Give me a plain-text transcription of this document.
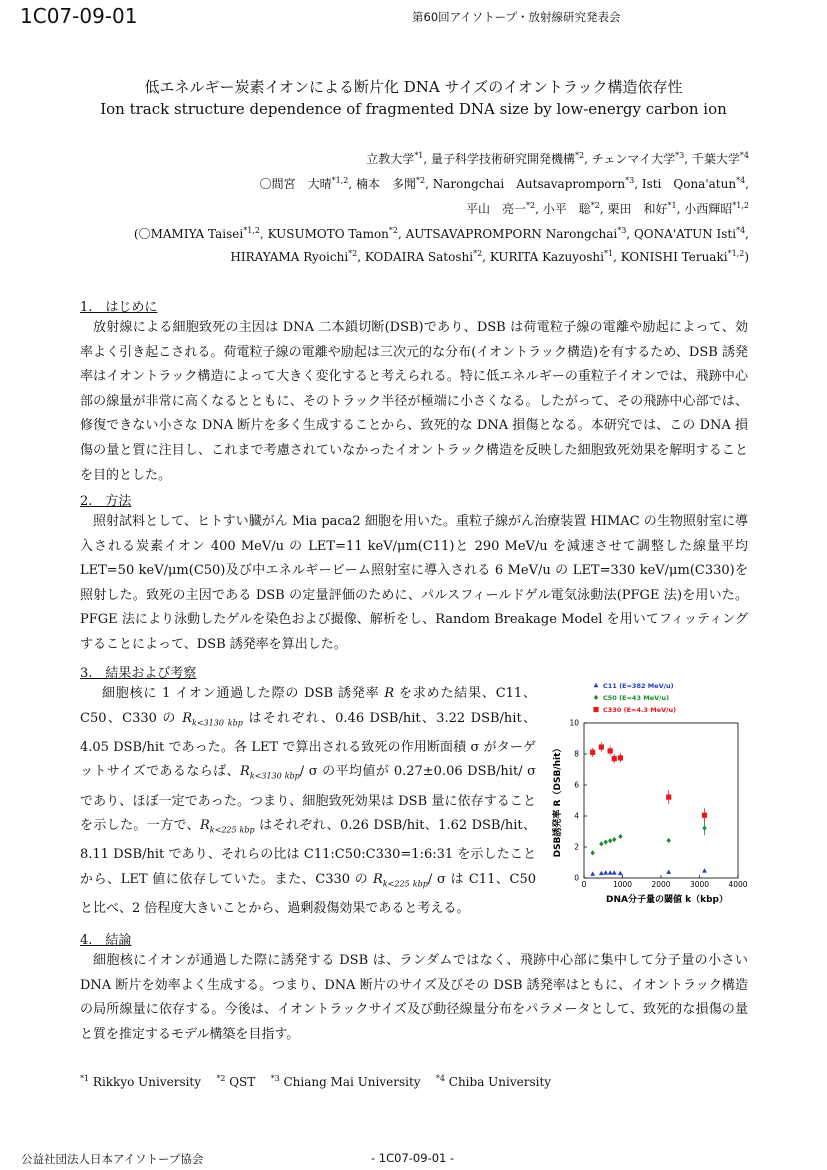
1C07-09-01	第60回アイソトープ・放射線研究発表会
低エネルギー炭素イオンによる断片化 DNA サイズのイオントラック構造依存性
Ion track structure dependence of fragmented DNA size by low-energy carbon ion
立教大学$^{*1}$, 量子科学技術研究開発機構$^{*2}$, チェンマイ大学$^{*3}$, 千葉大学$^{*4}$
〇間宮　大晴$^{*1,2}$, 楠本　多聞$^{*2}$, Narongchai　Autsavapromporn$^{*3}$, Isti　Qona'atun$^{*4}$,
平山　亮一$^{*2}$, 小平　聡$^{*2}$, 栗田　和好$^{*1}$, 小西輝昭$^{*1,2}$
(〇MAMIYA Taisei$^{*1,2}$, KUSUMOTO Tamon$^{*2}$, AUTSAVAPROMPORN Narongchai$^{*3}$, QONA'ATUN Isti$^{*4}$,
HIRAYAMA Ryoichi$^{*2}$, KODAIRA Satoshi$^{*2}$, KURITA Kazuyoshi$^{*1}$, KONISHI Teruaki$^{*1,2}$)
1.　はじめに
放射線による細胞致死の主因は DNA 二本鎖切断(DSB)であり、DSB は荷電粒子線の電離や励起によって、効率よく引き起こされる。荷電粒子線の電離や励起は三次元的な分布(イオントラック構造)を有するため、DSB 誘発率はイオントラック構造によって大きく変化すると考えられる。特に低エネルギーの重粒子イオンでは、飛跡中心部の線量が非常に高くなるとともに、そのトラック半径が極端に小さくなる。したがって、その飛跡中心部では、修復できない小さな DNA 断片を多く生成することから、致死的な DNA 損傷となる。本研究では、この DNA 損傷の量と質に注目し、これまで考慮されていなかったイオントラック構造を反映した細胞致死効果を解明することを目的とした。
2.　方法
照射試料として、ヒトすい臓がん Mia paca2 細胞を用いた。重粒子線がん治療装置 HIMAC の生物照射室に導入される炭素イオン 400 MeV/u の LET=11 keV/μm(C11)と 290 MeV/u を減速させて調整した線量平均 LET=50 keV/μm(C50)及び中エネルギービーム照射室に導入される 6 MeV/u の LET=330 keV/μm(C330)を照射した。致死の主因である DSB の定量評価のために、パルスフィールドゲル電気泳動法(PFGE 法)を用いた。PFGE 法により泳動したゲルを染色および撮像、解析をし、Random Breakage Model を用いてフィッティングすることによって、DSB 誘発率を算出した。
3.　結果および考察
細胞核に 1 イオン通過した際の DSB 誘発率 R を求めた結果、C11、C50、C330 の $R_{k<3130 kbp}$ はそれぞれ、0.46 DSB/hit、3.22 DSB/hit、4.05 DSB/hit であった。各 LET で算出される致死の作用断面積 σ がターゲットサイズであるならば、$R_{k<3130 kbp}/$ σ の平均値が 0.27±0.06 DSB/hit/ σ であり、ほぼ一定であった。つまり、細胞致死効果は DSB 量に依存することを示した。一方で、$R_{k<225 kbp}$ はそれぞれ、0.26 DSB/hit、1.62 DSB/hit、8.11 DSB/hit であり、それらの比は C11:C50:C330=1:6:31 を示したことから、LET 値に依存していた。また、C330 の $R_{k<225 kbp}/$ σ は C11、C50 と比べ、2 倍程度大きいことから、過剰殺傷効果であると考える。
0	1000	2000	3000	4000
0
2
4
6
8
10
DNA分子量の閾値 k（kbp）
DSB誘発率 R（DSB/hit）
C11 (E=382 MeV/u)
C50 (E=43 MeV/u)
C330 (E=4.3 MeV/u)
4.　結論
細胞核にイオンが通過した際に誘発する DSB は、ランダムではなく、飛跡中心部に集中して分子量の小さい DNA 断片を効率よく生成する。つまり、DNA 断片のサイズ及びその DSB 誘発率はともに、イオントラック構造の局所線量に依存する。今後は、イオントラックサイズ及び動径線量分布をパラメータとして、致死的な損傷の量と質を推定するモデル構築を目指す。
$^{*1}$ Rikkyo University $^{*2}$ QST $^{*3}$ Chiang Mai University $^{*4}$ Chiba University
公益社団法人日本アイソトープ協会	- 1C07-09-01 -
